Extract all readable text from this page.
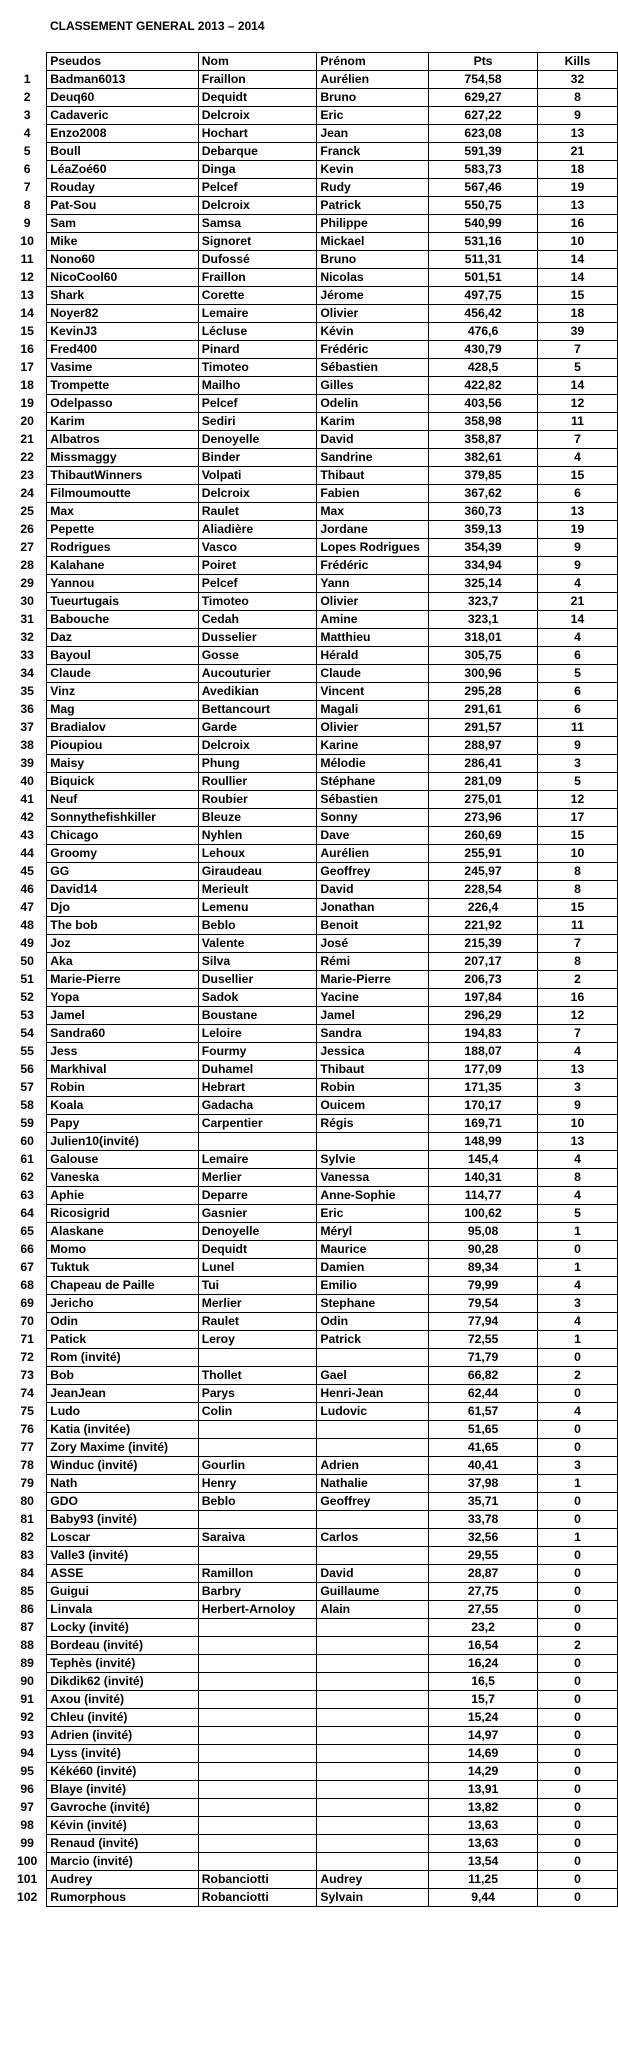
CLASSEMENT GENERAL 2013 – 2014
	Pseudos	Nom	Prénom	Pts	Kills
1	Badman6013	Fraillon	Aurélien	754,58	32
2	Deuq60	Dequidt	Bruno	629,27	8
3	Cadaveric	Delcroix	Eric	627,22	9
4	Enzo2008	Hochart	Jean	623,08	13
5	Boull	Debarque	Franck	591,39	21
6	LéaZoé60	Dinga	Kevin	583,73	18
7	Rouday	Pelcef	Rudy	567,46	19
8	Pat-Sou	Delcroix	Patrick	550,75	13
9	Sam	Samsa	Philippe	540,99	16
10	Mike	Signoret	Mickael	531,16	10
11	Nono60	Dufossé	Bruno	511,31	14
12	NicoCool60	Fraillon	Nicolas	501,51	14
13	Shark	Corette	Jérome	497,75	15
14	Noyer82	Lemaire	Olivier	456,42	18
15	KevinJ3	Lécluse	Kévin	476,6	39
16	Fred400	Pinard	Frédéric	430,79	7
17	Vasime	Timoteo	Sébastien	428,5	5
18	Trompette	Mailho	Gilles	422,82	14
19	Odelpasso	Pelcef	Odelin	403,56	12
20	Karim	Sediri	Karim	358,98	11
21	Albatros	Denoyelle	David	358,87	7
22	Missmaggy	Binder	Sandrine	382,61	4
23	ThibautWinners	Volpati	Thibaut	379,85	15
24	Filmoumoutte	Delcroix	Fabien	367,62	6
25	Max	Raulet	Max	360,73	13
26	Pepette	Aliadière	Jordane	359,13	19
27	Rodrigues	Vasco	Lopes Rodrigues	354,39	9
28	Kalahane	Poiret	Frédéric	334,94	9
29	Yannou	Pelcef	Yann	325,14	4
30	Tueurtugais	Timoteo	Olivier	323,7	21
31	Babouche	Cedah	Amine	323,1	14
32	Daz	Dusselier	Matthieu	318,01	4
33	Bayoul	Gosse	Hérald	305,75	6
34	Claude	Aucouturier	Claude	300,96	5
35	Vinz	Avedikian	Vincent	295,28	6
36	Mag	Bettancourt	Magali	291,61	6
37	Bradialov	Garde	Olivier	291,57	11
38	Pioupiou	Delcroix	Karine	288,97	9
39	Maisy	Phung	Mélodie	286,41	3
40	Biquick	Roullier	Stéphane	281,09	5
41	Neuf	Roubier	Sébastien	275,01	12
42	Sonnythefishkiller	Bleuze	Sonny	273,96	17
43	Chicago	Nyhlen	Dave	260,69	15
44	Groomy	Lehoux	Aurélien	255,91	10
45	GG	Giraudeau	Geoffrey	245,97	8
46	David14	Merieult	David	228,54	8
47	Djo	Lemenu	Jonathan	226,4	15
48	The bob	Beblo	Benoit	221,92	11
49	Joz	Valente	José	215,39	7
50	Aka	Silva	Rémi	207,17	8
51	Marie-Pierre	Dusellier	Marie-Pierre	206,73	2
52	Yopa	Sadok	Yacine	197,84	16
53	Jamel	Boustane	Jamel	296,29	12
54	Sandra60	Leloire	Sandra	194,83	7
55	Jess	Fourmy	Jessica	188,07	4
56	Markhival	Duhamel	Thibaut	177,09	13
57	Robin	Hebrart	Robin	171,35	3
58	Koala	Gadacha	Ouicem	170,17	9
59	Papy	Carpentier	Régis	169,71	10
60	Julien10(invité)			148,99	13
61	Galouse	Lemaire	Sylvie	145,4	4
62	Vaneska	Merlier	Vanessa	140,31	8
63	Aphie	Deparre	Anne-Sophie	114,77	4
64	Ricosigrid	Gasnier	Eric	100,62	5
65	Alaskane	Denoyelle	Méryl	95,08	1
66	Momo	Dequidt	Maurice	90,28	0
67	Tuktuk	Lunel	Damien	89,34	1
68	Chapeau de Paille	Tui	Emilio	79,99	4
69	Jericho	Merlier	Stephane	79,54	3
70	Odin	Raulet	Odin	77,94	4
71	Patick	Leroy	Patrick	72,55	1
72	Rom (invité)			71,79	0
73	Bob	Thollet	Gael	66,82	2
74	JeanJean	Parys	Henri-Jean	62,44	0
75	Ludo	Colin	Ludovic	61,57	4
76	Katia (invitée)			51,65	0
77	Zory Maxime (invité)			41,65	0
78	Winduc (invité)	Gourlin	Adrien	40,41	3
79	Nath	Henry	Nathalie	37,98	1
80	GDO	Beblo	Geoffrey	35,71	0
81	Baby93 (invité)			33,78	0
82	Loscar	Saraiva	Carlos	32,56	1
83	Valle3 (invité)			29,55	0
84	ASSE	Ramillon	David	28,87	0
85	Guigui	Barbry	Guillaume	27,75	0
86	Linvala	Herbert-Arnoloy	Alain	27,55	0
87	Locky (invité)			23,2	0
88	Bordeau (invité)			16,54	2
89	Tephès (invité)			16,24	0
90	Dikdik62 (invité)			16,5	0
91	Axou (invité)			15,7	0
92	Chleu (invité)			15,24	0
93	Adrien (invité)			14,97	0
94	Lyss (invité)			14,69	0
95	Kéké60 (invité)			14,29	0
96	Blaye (invité)			13,91	0
97	Gavroche (invité)			13,82	0
98	Kévin (invité)			13,63	0
99	Renaud (invité)			13,63	0
100	Marcio (invité)			13,54	0
101	Audrey	Robanciotti	Audrey	11,25	0
102	Rumorphous	Robanciotti	Sylvain	9,44	0
